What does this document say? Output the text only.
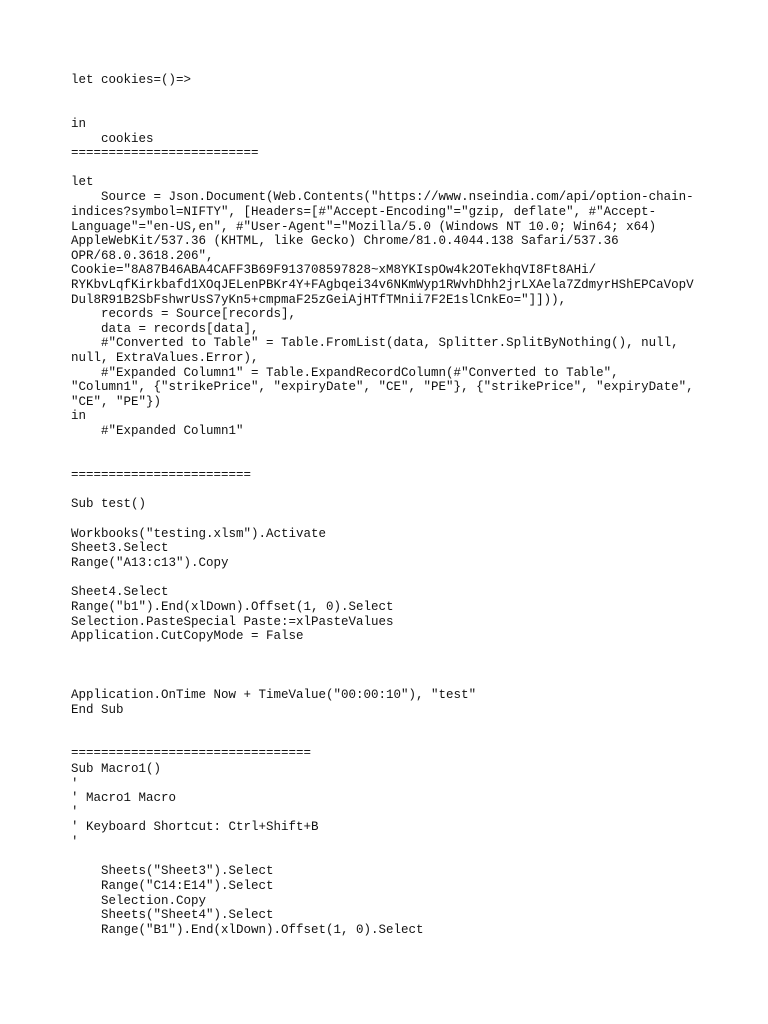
let cookies=()=>
in
cookies
=========================
let
Source = Json.Document(Web.Contents("https://www.nseindia.com/api/option-chain-
indices?symbol=NIFTY", [Headers=[#"Accept-Encoding"="gzip, deflate", #"Accept-
Language"="en-US,en", #"User-Agent"="Mozilla/5.0 (Windows NT 10.0; Win64; x64)
AppleWebKit/537.36 (KHTML, like Gecko) Chrome/81.0.4044.138 Safari/537.36
OPR/68.0.3618.206",
Cookie="8A87B46ABA4CAFF3B69F913708597828~xM8YKIspOw4k2OTekhqVI8Ft8AHi/
RYKbvLqfKirkbafd1XOqJELenPBKr4Y+FAgbqei34v6NKmWyp1RWvhDhh2jrLXAela7ZdmyrHShEPCaVopV
Dul8R91B2SbFshwrUsS7yKn5+cmpmaF25zGeiAjHTfTMnii7F2E1slCnkEo="]])),
records = Source[records],
data = records[data],
#"Converted to Table" = Table.FromList(data, Splitter.SplitByNothing(), null,
null, ExtraValues.Error),
#"Expanded Column1" = Table.ExpandRecordColumn(#"Converted to Table",
"Column1", {"strikePrice", "expiryDate", "CE", "PE"}, {"strikePrice", "expiryDate",
"CE", "PE"})
in
#"Expanded Column1"
========================
Sub test()
Workbooks("testing.xlsm").Activate
Sheet3.Select
Range("A13:c13").Copy
Sheet4.Select
Range("b1").End(xlDown).Offset(1, 0).Select
Selection.PasteSpecial Paste:=xlPasteValues
Application.CutCopyMode = False
Application.OnTime Now + TimeValue("00:00:10"), "test"
End Sub
================================
Sub Macro1()
'
' Macro1 Macro
'
' Keyboard Shortcut: Ctrl+Shift+B
'
Sheets("Sheet3").Select
Range("C14:E14").Select
Selection.Copy
Sheets("Sheet4").Select
Range("B1").End(xlDown).Offset(1, 0).Select
